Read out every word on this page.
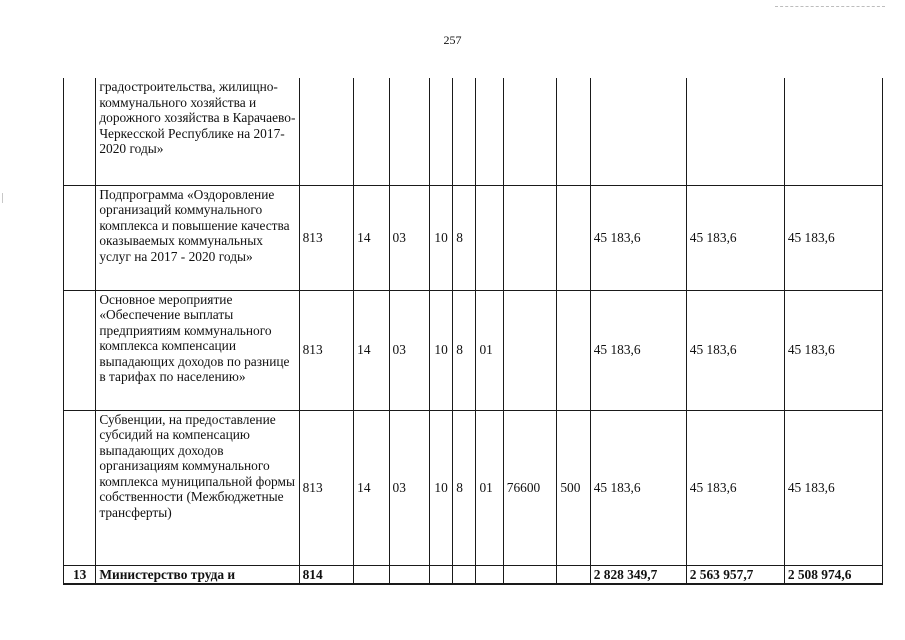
257
	градостроительства, жилищно-коммунального хозяйства и дорожного хозяйства в Карачаево-Черкесской Республике на 2017-2020 годы»											
	Подпрограмма «Оздоровление организаций коммунального комплекса и повышение качества оказываемых коммунальных услуг на 2017 - 2020 годы»	813	14	03	10	8				45 183,6	45 183,6	45 183,6
	Основное мероприятие «Обеспечение выплаты предприятиям коммунального комплекса компенсации выпадающих доходов по разнице в тарифах по населению»	813	14	03	10	8	01			45 183,6	45 183,6	45 183,6
	Субвенции, на предоставление субсидий на компенсацию выпадающих доходов организациям коммунального комплекса муниципальной формы собственности (Межбюджетные трансферты)	813	14	03	10	8	01	76600	500	45 183,6	45 183,6	45 183,6
13	Министерство труда и	814								2 828 349,7	2 563 957,7	2 508 974,6
